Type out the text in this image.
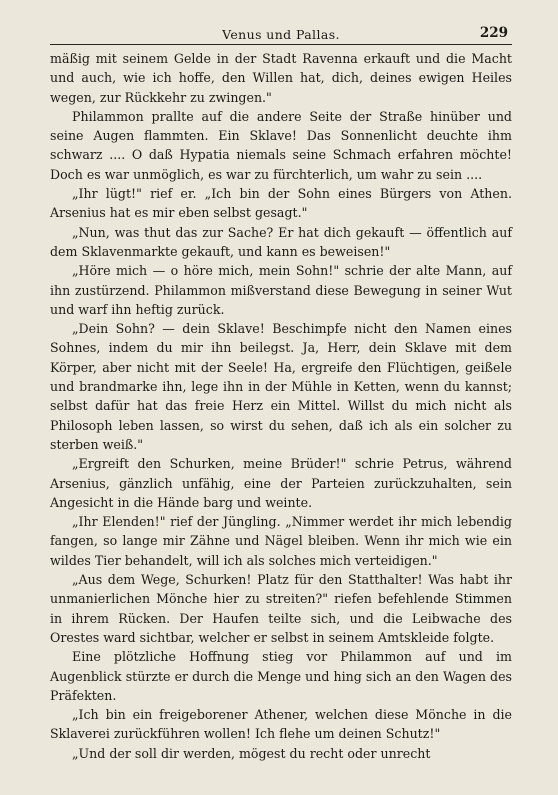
Venus und Pallas.	229

mäßig mit seinem Gelde in der Stadt Ravenna erkauft und die Macht und auch, wie ich hoffe, den Willen hat, dich, deines ewigen Heiles wegen, zur Rückkehr zu zwingen."

Philammon prallte auf die andere Seite der Straße hinüber und seine Augen flammten. Ein Sklave! Das Sonnenlicht deuchte ihm schwarz .... O daß Hypatia niemals seine Schmach erfahren möchte! Doch es war unmöglich, es war zu fürchterlich, um wahr zu sein ....

„Ihr lügt!" rief er. „Ich bin der Sohn eines Bürgers von Athen. Arsenius hat es mir eben selbst gesagt."

„Nun, was thut das zur Sache? Er hat dich gekauft — öffentlich auf dem Sklavenmarkte gekauft, und kann es beweisen!"

„Höre mich — o höre mich, mein Sohn!" schrie der alte Mann, auf ihn zustürzend. Philammon mißverstand diese Bewegung in seiner Wut und warf ihn heftig zurück.

„Dein Sohn? — dein Sklave! Beschimpfe nicht den Namen eines Sohnes, indem du mir ihn beilegst. Ja, Herr, dein Sklave mit dem Körper, aber nicht mit der Seele! Ha, ergreife den Flüchtigen, geißele und brandmarke ihn, lege ihn in der Mühle in Ketten, wenn du kannst; selbst dafür hat das freie Herz ein Mittel. Willst du mich nicht als Philosoph leben lassen, so wirst du sehen, daß ich als ein solcher zu sterben weiß."

„Ergreift den Schurken, meine Brüder!" schrie Petrus, während Arsenius, gänzlich unfähig, eine der Parteien zurückzuhalten, sein Angesicht in die Hände barg und weinte.

„Ihr Elenden!" rief der Jüngling. „Nimmer werdet ihr mich lebendig fangen, so lange mir Zähne und Nägel bleiben. Wenn ihr mich wie ein wildes Tier behandelt, will ich als solches mich verteidigen."

„Aus dem Wege, Schurken! Platz für den Statthalter! Was habt ihr unmanierlichen Mönche hier zu streiten?" riefen befehlende Stimmen in ihrem Rücken. Der Haufen teilte sich, und die Leibwache des Orestes ward sichtbar, welcher er selbst in seinem Amtskleide folgte.

Eine plötzliche Hoffnung stieg vor Philammon auf und im Augenblick stürzte er durch die Menge und hing sich an den Wagen des Präfekten.

„Ich bin ein freigeborener Athener, welchen diese Mönche in die Sklaverei zurückführen wollen! Ich flehe um deinen Schutz!"

„Und der soll dir werden, mögest du recht oder unrecht
